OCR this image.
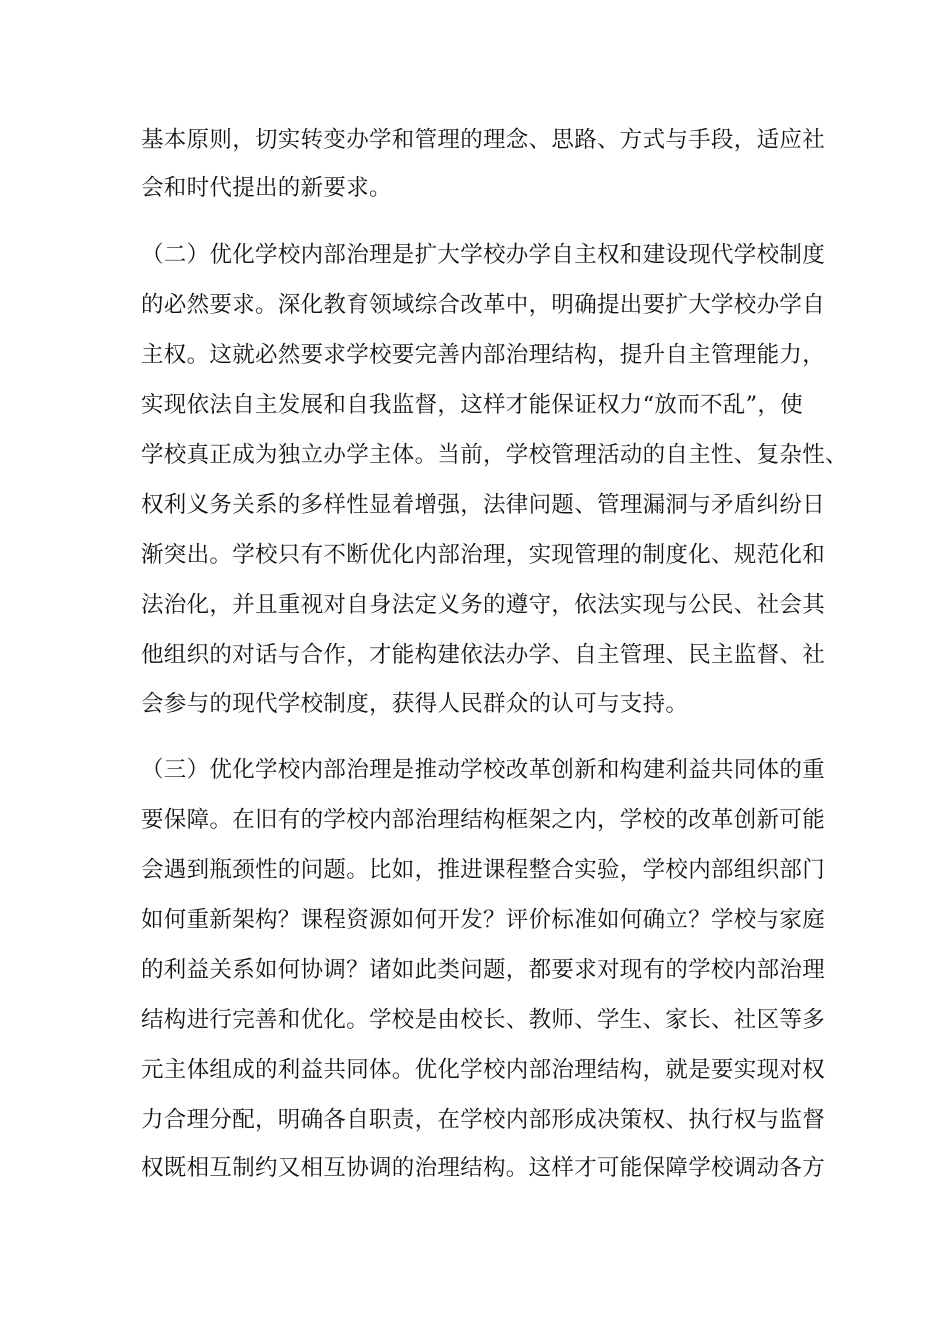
基本原则，切实转变办学和管理的理念、思路、方式与手段，适应社
会和时代提出的新要求。
（二）优化学校内部治理是扩大学校办学自主权和建设现代学校制度
的必然要求。深化教育领域综合改革中，明确提出要扩大学校办学自
主权。这就必然要求学校要完善内部治理结构，提升自主管理能力，
实现依法自主发展和自我监督，这样才能保证权力“放而不乱”，使
学校真正成为独立办学主体。当前，学校管理活动的自主性、复杂性、
权利义务关系的多样性显着增强，法律问题、管理漏洞与矛盾纠纷日
渐突出。学校只有不断优化内部治理，实现管理的制度化、规范化和
法治化，并且重视对自身法定义务的遵守，依法实现与公民、社会其
他组织的对话与合作，才能构建依法办学、自主管理、民主监督、社
会参与的现代学校制度，获得人民群众的认可与支持。
（三）优化学校内部治理是推动学校改革创新和构建利益共同体的重
要保障。在旧有的学校内部治理结构框架之内，学校的改革创新可能
会遇到瓶颈性的问题。比如，推进课程整合实验，学校内部组织部门
如何重新架构？课程资源如何开发？评价标准如何确立？学校与家庭
的利益关系如何协调？诸如此类问题，都要求对现有的学校内部治理
结构进行完善和优化。学校是由校长、教师、学生、家长、社区等多
元主体组成的利益共同体。优化学校内部治理结构，就是要实现对权
力合理分配，明确各自职责，在学校内部形成决策权、执行权与监督
权既相互制约又相互协调的治理结构。这样才可能保障学校调动各方
